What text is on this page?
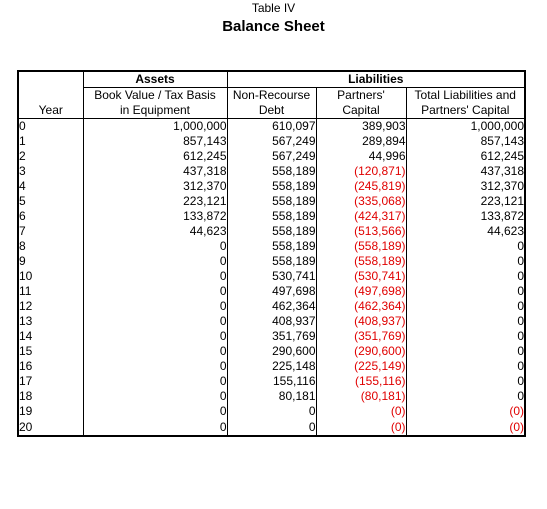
Table IV
Balance Sheet
	Assets	Liabilities		
	Book Value / Tax Basis	Non-Recourse	Partners'	Total Liabilities and
Year	in Equipment	Debt	Capital	Partners' Capital
0	1,000,000	610,097	389,903	1,000,000
1	857,143	567,249	289,894	857,143
2	612,245	567,249	44,996	612,245
3	437,318	558,189	(120,871)	437,318
4	312,370	558,189	(245,819)	312,370
5	223,121	558,189	(335,068)	223,121
6	133,872	558,189	(424,317)	133,872
7	44,623	558,189	(513,566)	44,623
8	0	558,189	(558,189)	0
9	0	558,189	(558,189)	0
10	0	530,741	(530,741)	0
11	0	497,698	(497,698)	0
12	0	462,364	(462,364)	0
13	0	408,937	(408,937)	0
14	0	351,769	(351,769)	0
15	0	290,600	(290,600)	0
16	0	225,148	(225,149)	0
17	0	155,116	(155,116)	0
18	0	80,181	(80,181)	0
19	0	0	(0)	(0)
20	0	0	(0)	(0)
